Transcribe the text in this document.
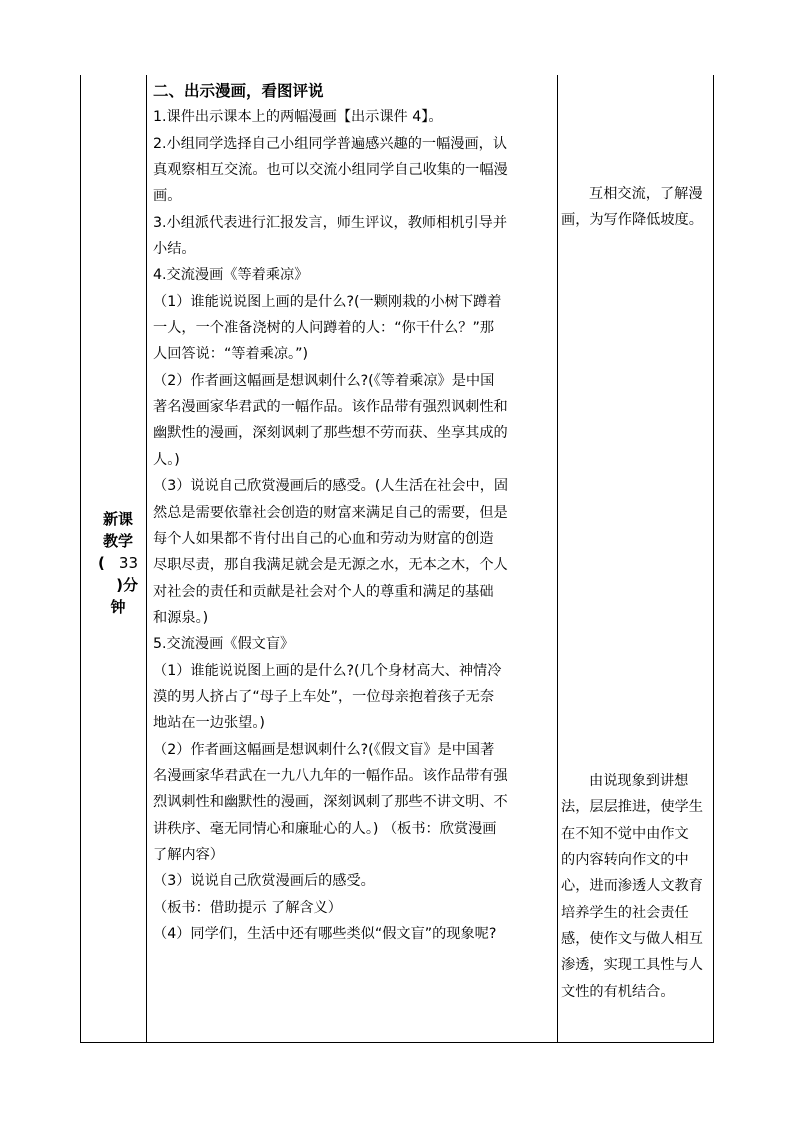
新课
教学
( 33
)分
钟
二、出示漫画，看图评说
1.课件出示课本上的两幅漫画【出示课件 4】。
2.小组同学选择自己小组同学普遍感兴趣的一幅漫画，认
真观察相互交流。也可以交流小组同学自己收集的一幅漫
画。
3.小组派代表进行汇报发言，师生评议，教师相机引导并
小结。
4.交流漫画《等着乘凉》
（1）谁能说说图上画的是什么?(一颗刚栽的小树下蹲着
一人，一个准备浇树的人问蹲着的人：“你干什么？”那
人回答说：“等着乘凉。”)
（2）作者画这幅画是想讽刺什么?(《等着乘凉》是中国
著名漫画家华君武的一幅作品。该作品带有强烈讽刺性和
幽默性的漫画，深刻讽刺了那些想不劳而获、坐享其成的
人。)
（3）说说自己欣赏漫画后的感受。(人生活在社会中，固
然总是需要依靠社会创造的财富来满足自己的需要，但是
每个人如果都不肯付出自己的心血和劳动为财富的创造
尽职尽责，那自我满足就会是无源之水，无本之木，个人
对社会的责任和贡献是社会对个人的尊重和满足的基础
和源泉。)
5.交流漫画《假文盲》
（1）谁能说说图上画的是什么?(几个身材高大、神情冷
漠的男人挤占了“母子上车处”，一位母亲抱着孩子无奈
地站在一边张望。)
（2）作者画这幅画是想讽刺什么?(《假文盲》是中国著
名漫画家华君武在一九八九年的一幅作品。该作品带有强
烈讽刺性和幽默性的漫画，深刻讽刺了那些不讲文明、不
讲秩序、毫无同情心和廉耻心的人。) （板书：欣赏漫画
了解内容）
（3）说说自己欣赏漫画后的感受。
（板书：借助提示 了解含义）
（4）同学们，生活中还有哪些类似“假文盲”的现象呢?
互相交流，了解漫
画，为写作降低坡度。
由说现象到讲想
法，层层推进，使学生
在不知不觉中由作文
的内容转向作文的中
心，进而渗透人文教育
培养学生的社会责任
感，使作文与做人相互
渗透，实现工具性与人
文性的有机结合。
